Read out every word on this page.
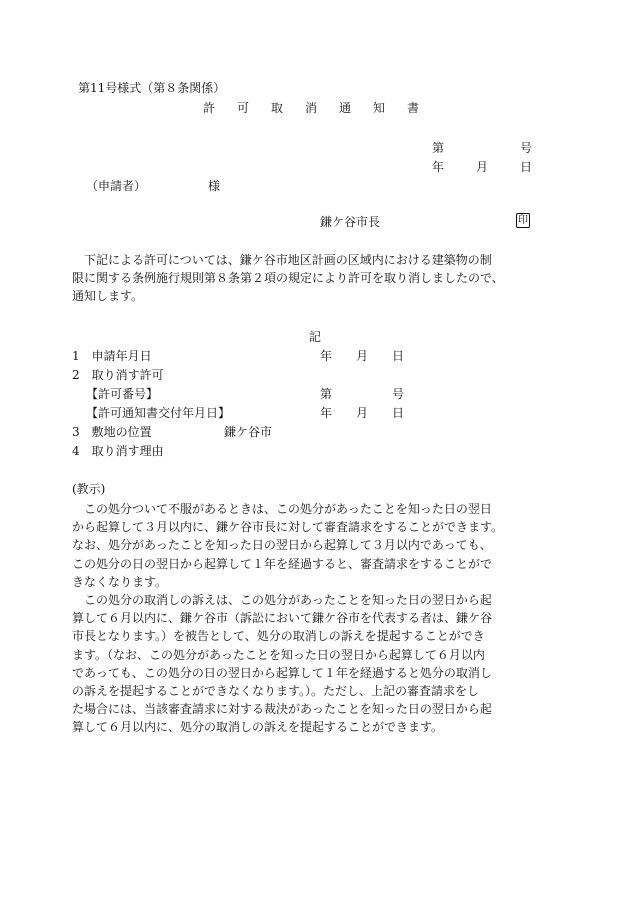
第11号様式（第８条関係）
許 可 取 消 通 知 書
第	号
年	月	日
（申請者）	様
鎌ケ谷市長	印
　下記による許可については、鎌ケ谷市地区計画の区域内における建築物の制
限に関する条例施行規則第８条第２項の規定により許可を取り消しましたので、
通知します。
記
1　申請年月日	年　　月　　日
2　取り消す許可
【許可番号】	第　　　　　号
【許可通知書交付年月日】	年　　月　　日
3　敷地の位置	鎌ケ谷市
4　取り消す理由
(教示)
　この処分ついて不服があるときは、この処分があったことを知った日の翌日
から起算して３月以内に、鎌ケ谷市長に対して審査請求をすることができます。
なお、処分があったことを知った日の翌日から起算して３月以内であっても、
この処分の日の翌日から起算して１年を経過すると、審査請求をすることがで
きなくなります。
　この処分の取消しの訴えは、この処分があったことを知った日の翌日から起
算して６月以内に、鎌ケ谷市（訴訟において鎌ケ谷市を代表する者は、鎌ケ谷
市長となります。）を被告として、処分の取消しの訴えを提起することができ
ます。（なお、この処分があったことを知った日の翌日から起算して６月以内
であっても、この処分の日の翌日から起算して１年を経過すると処分の取消し
の訴えを提起することができなくなります。）。ただし、上記の審査請求をし
た場合には、当該審査請求に対する裁決があったことを知った日の翌日から起
算して６月以内に、処分の取消しの訴えを提起することができます。
